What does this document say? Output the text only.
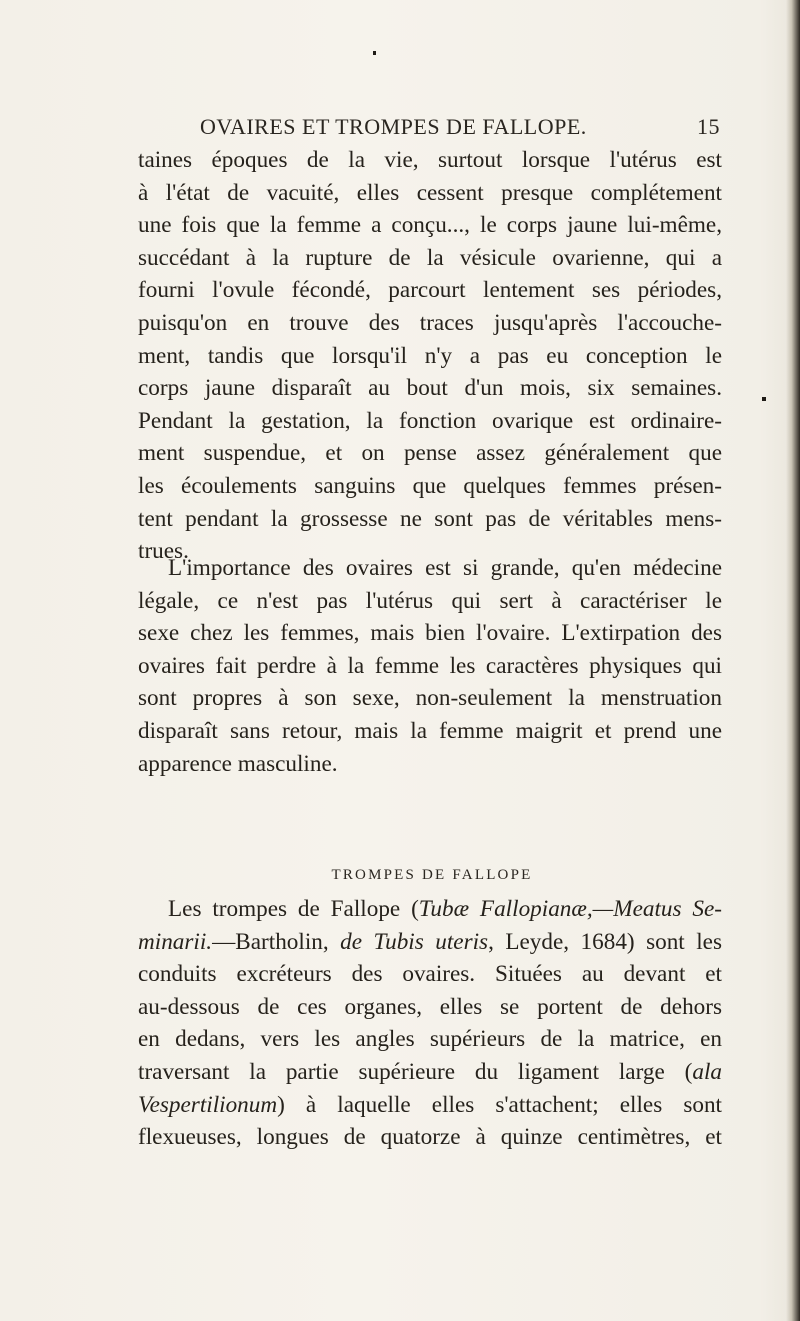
OVAIRES ET TROMPES DE FALLOPE.	15

taines époques de la vie, surtout lorsque l'utérus est

à l'état de vacuité, elles cessent presque complétement

une fois que la femme a conçu..., le corps jaune lui-même,

succédant à la rupture de la vésicule ovarienne, qui a

fourni l'ovule fécondé, parcourt lentement ses périodes,

puisqu'on en trouve des traces jusqu'après l'accouche-

ment, tandis que lorsqu'il n'y a pas eu conception le

corps jaune disparaît au bout d'un mois, six semaines.

Pendant la gestation, la fonction ovarique est ordinaire-

ment suspendue, et on pense assez généralement que

les écoulements sanguins que quelques femmes présen-

tent pendant la grossesse ne sont pas de véritables mens-

trues.

L'importance des ovaires est si grande, qu'en médecine

légale, ce n'est pas l'utérus qui sert à caractériser le

sexe chez les femmes, mais bien l'ovaire. L'extirpation des

ovaires fait perdre à la femme les caractères physiques qui

sont propres à son sexe, non-seulement la menstruation

disparaît sans retour, mais la femme maigrit et prend une

apparence masculine.

TROMPES DE FALLOPE

Les trompes de Fallope (Tubæ Fallopianæ,—Meatus Se-

minarii.—Bartholin, de Tubis uteris, Leyde, 1684) sont les

conduits excréteurs des ovaires. Situées au devant et

au-dessous de ces organes, elles se portent de dehors

en dedans, vers les angles supérieurs de la matrice, en

traversant la partie supérieure du ligament large (ala

Vespertilionum) à laquelle elles s'attachent; elles sont

flexueuses, longues de quatorze à quinze centimètres, et
